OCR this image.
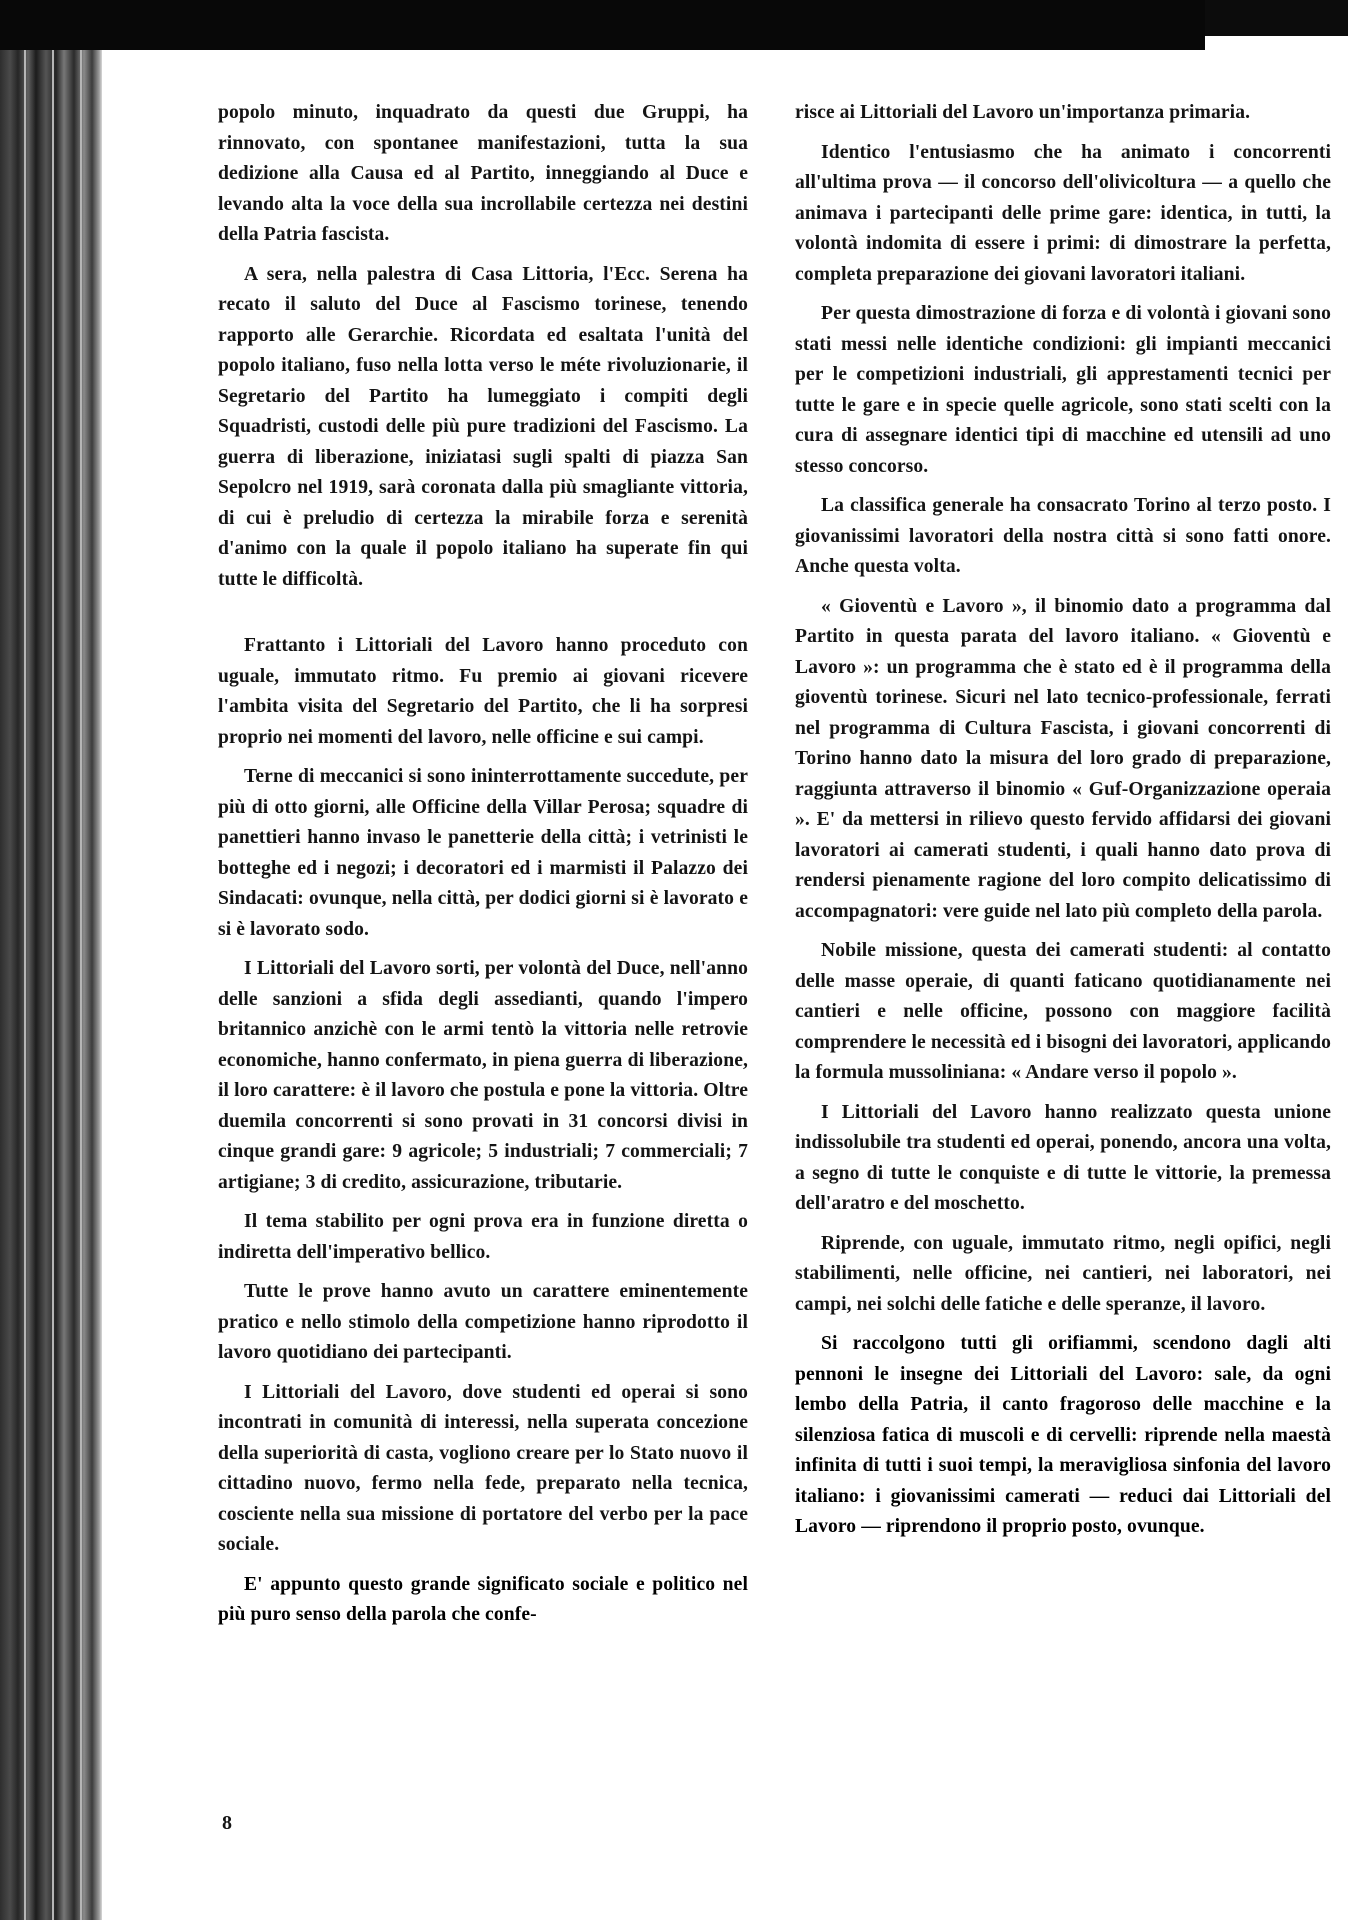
popolo minuto, inquadrato da questi due Gruppi, ha rinnovato, con spontanee manifestazioni, tutta la sua dedizione alla Causa ed al Partito, inneggiando al Duce e levando alta la voce della sua incrollabile certezza nei destini della Patria fascista.

A sera, nella palestra di Casa Littoria, l'Ecc. Serena ha recato il saluto del Duce al Fascismo torinese, tenendo rapporto alle Gerarchie. Ricordata ed esaltata l'unità del popolo italiano, fuso nella lotta verso le méte rivoluzionarie, il Segretario del Partito ha lumeggiato i compiti degli Squadristi, custodi delle più pure tradizioni del Fascismo. La guerra di liberazione, iniziatasi sugli spalti di piazza San Sepolcro nel 1919, sarà coronata dalla più smagliante vittoria, di cui è preludio di certezza la mirabile forza e serenità d'animo con la quale il popolo italiano ha superate fin qui tutte le difficoltà.

Frattanto i Littoriali del Lavoro hanno proceduto con uguale, immutato ritmo. Fu premio ai giovani ricevere l'ambita visita del Segretario del Partito, che li ha sorpresi proprio nei momenti del lavoro, nelle officine e sui campi.

Terne di meccanici si sono ininterrottamente succedute, per più di otto giorni, alle Officine della Villar Perosa; squadre di panettieri hanno invaso le panetterie della città; i vetrinisti le botteghe ed i negozi; i decoratori ed i marmisti il Palazzo dei Sindacati: ovunque, nella città, per dodici giorni si è lavorato e si è lavorato sodo.

I Littoriali del Lavoro sorti, per volontà del Duce, nell'anno delle sanzioni a sfida degli assedianti, quando l'impero britannico anzichè con le armi tentò la vittoria nelle retrovie economiche, hanno confermato, in piena guerra di liberazione, il loro carattere: è il lavoro che postula e pone la vittoria. Oltre duemila concorrenti si sono provati in 31 concorsi divisi in cinque grandi gare: 9 agricole; 5 industriali; 7 commerciali; 7 artigiane; 3 di credito, assicurazione, tributarie.

Il tema stabilito per ogni prova era in funzione diretta o indiretta dell'imperativo bellico.

Tutte le prove hanno avuto un carattere eminentemente pratico e nello stimolo della competizione hanno riprodotto il lavoro quotidiano dei partecipanti.

I Littoriali del Lavoro, dove studenti ed operai si sono incontrati in comunità di interessi, nella superata concezione della superiorità di casta, vogliono creare per lo Stato nuovo il cittadino nuovo, fermo nella fede, preparato nella tecnica, cosciente nella sua missione di portatore del verbo per la pace sociale.

E' appunto questo grande significato sociale e politico nel più puro senso della parola che confe-

risce ai Littoriali del Lavoro un'importanza primaria.

Identico l'entusiasmo che ha animato i concorrenti all'ultima prova — il concorso dell'olivicoltura — a quello che animava i partecipanti delle prime gare: identica, in tutti, la volontà indomita di essere i primi: di dimostrare la perfetta, completa preparazione dei giovani lavoratori italiani.

Per questa dimostrazione di forza e di volontà i giovani sono stati messi nelle identiche condizioni: gli impianti meccanici per le competizioni industriali, gli apprestamenti tecnici per tutte le gare e in specie quelle agricole, sono stati scelti con la cura di assegnare identici tipi di macchine ed utensili ad uno stesso concorso.

La classifica generale ha consacrato Torino al terzo posto. I giovanissimi lavoratori della nostra città si sono fatti onore. Anche questa volta.

« Gioventù e Lavoro », il binomio dato a programma dal Partito in questa parata del lavoro italiano. « Gioventù e Lavoro »: un programma che è stato ed è il programma della gioventù torinese. Sicuri nel lato tecnico-professionale, ferrati nel programma di Cultura Fascista, i giovani concorrenti di Torino hanno dato la misura del loro grado di preparazione, raggiunta attraverso il binomio « Guf-Organizzazione operaia ». E' da mettersi in rilievo questo fervido affidarsi dei giovani lavoratori ai camerati studenti, i quali hanno dato prova di rendersi pienamente ragione del loro compito delicatissimo di accompagnatori: vere guide nel lato più completo della parola.

Nobile missione, questa dei camerati studenti: al contatto delle masse operaie, di quanti faticano quotidianamente nei cantieri e nelle officine, possono con maggiore facilità comprendere le necessità ed i bisogni dei lavoratori, applicando la formula mussoliniana: « Andare verso il popolo ».

I Littoriali del Lavoro hanno realizzato questa unione indissolubile tra studenti ed operai, ponendo, ancora una volta, a segno di tutte le conquiste e di tutte le vittorie, la premessa dell'aratro e del moschetto.

Riprende, con uguale, immutato ritmo, negli opifici, negli stabilimenti, nelle officine, nei cantieri, nei laboratori, nei campi, nei solchi delle fatiche e delle speranze, il lavoro.

Si raccolgono tutti gli orifiammi, scendono dagli alti pennoni le insegne dei Littoriali del Lavoro: sale, da ogni lembo della Patria, il canto fragoroso delle macchine e la silenziosa fatica di muscoli e di cervelli: riprende nella maestà infinita di tutti i suoi tempi, la meravigliosa sinfonia del lavoro italiano: i giovanissimi camerati — reduci dai Littoriali del Lavoro — riprendono il proprio posto, ovunque.

8
